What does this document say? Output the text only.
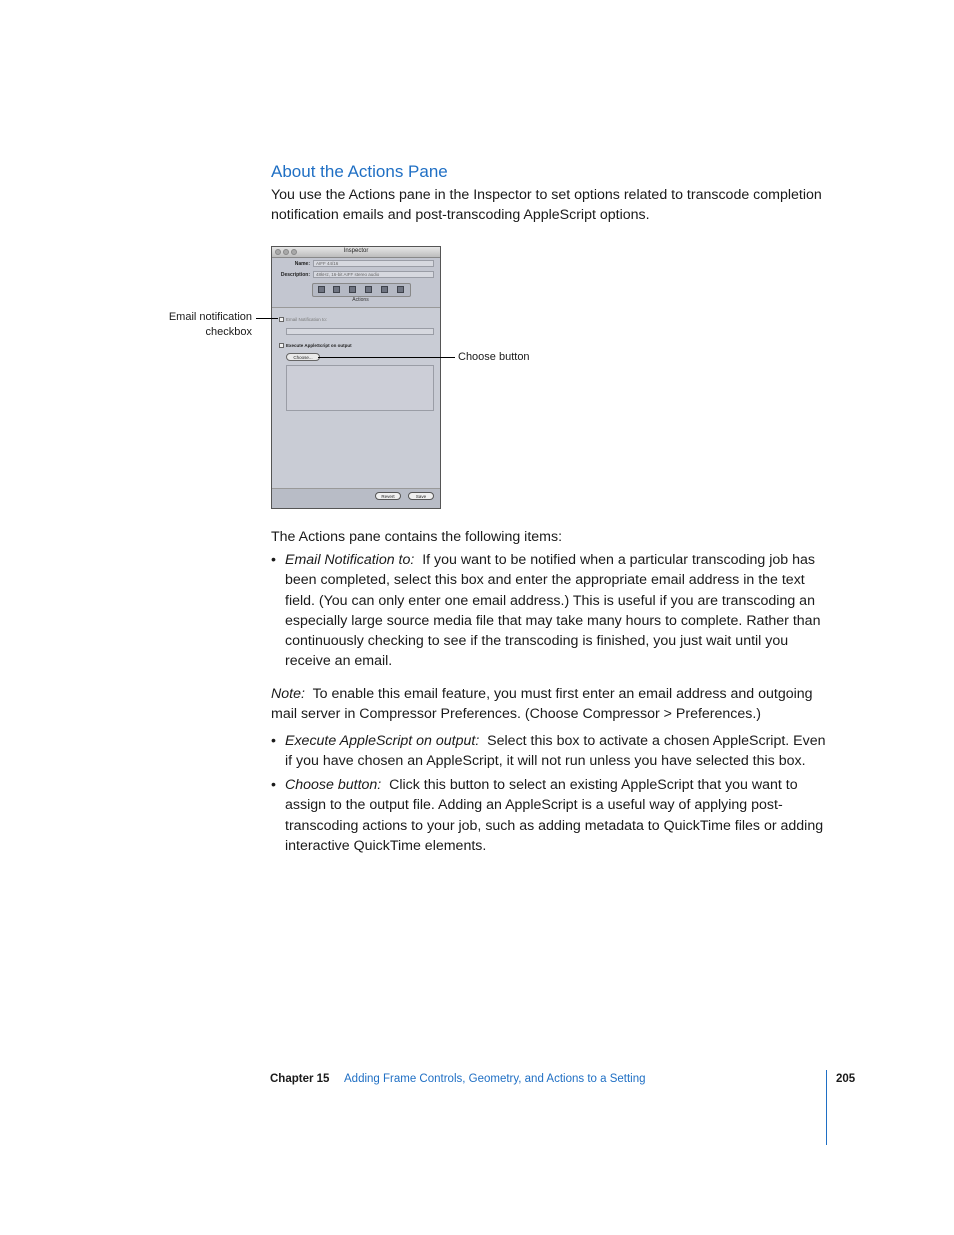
About the Actions Pane
You use the Actions pane in the Inspector to set options related to transcode completion notification emails and post-transcoding AppleScript options.
Inspector
Name:	AIFF 44/16
Description:	48kHz, 16-bit AIFF stereo audio
Actions
Email Notification to:
Execute AppleScript on output
Choose...
Revert	Save
Email notification checkbox
Choose button
The Actions pane contains the following items:
• Email Notification to: If you want to be notified when a particular transcoding job has been completed, select this box and enter the appropriate email address in the text field. (You can only enter one email address.) This is useful if you are transcoding an especially large source media file that may take many hours to complete. Rather than continuously checking to see if the transcoding is finished, you just wait until you receive an email.
Note: To enable this email feature, you must first enter an email address and outgoing mail server in Compressor Preferences. (Choose Compressor > Preferences.)
• Execute AppleScript on output: Select this box to activate a chosen AppleScript. Even if you have chosen an AppleScript, it will not run unless you have selected this box.
• Choose button: Click this button to select an existing AppleScript that you want to assign to the output file. Adding an AppleScript is a useful way of applying post-transcoding actions to your job, such as adding metadata to QuickTime files or adding interactive QuickTime elements.
Chapter 15 Adding Frame Controls, Geometry, and Actions to a Setting	205
